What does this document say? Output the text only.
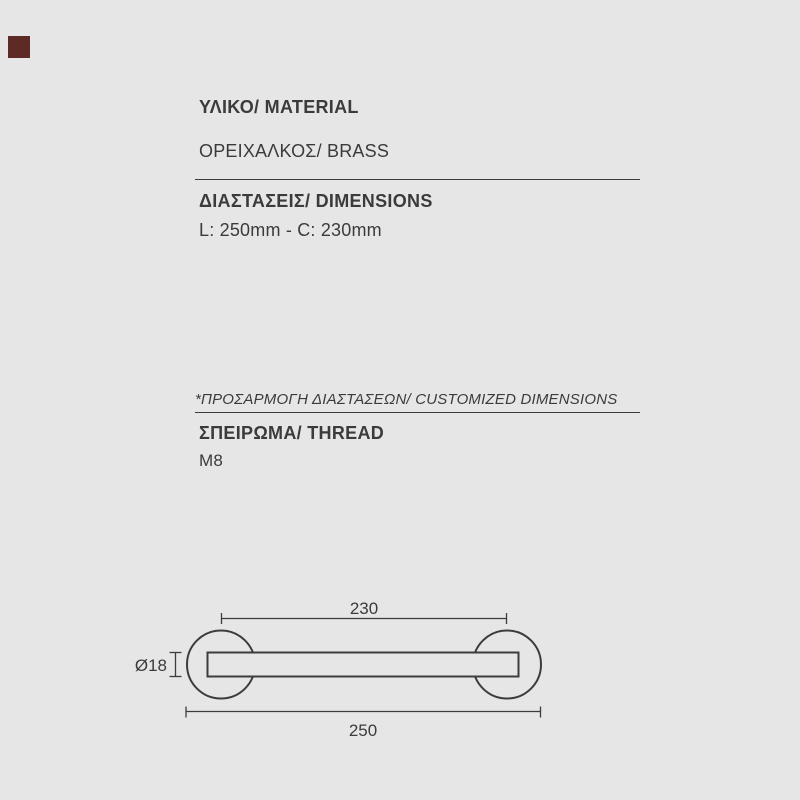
ΥΛΙΚΟ/ MATERIAL
ΟΡΕΙΧΑΛΚΟΣ/ BRASS
ΔΙΑΣΤΑΣΕΙΣ/ DIMENSIONS
L: 250mm - C: 230mm
*ΠΡΟΣΑΡΜΟΓΗ ΔΙΑΣΤΑΣΕΩΝ/ CUSTOMIZED DIMENSIONS
ΣΠΕΙΡΩΜΑ/ THREAD
M8
230
Ø18
250
